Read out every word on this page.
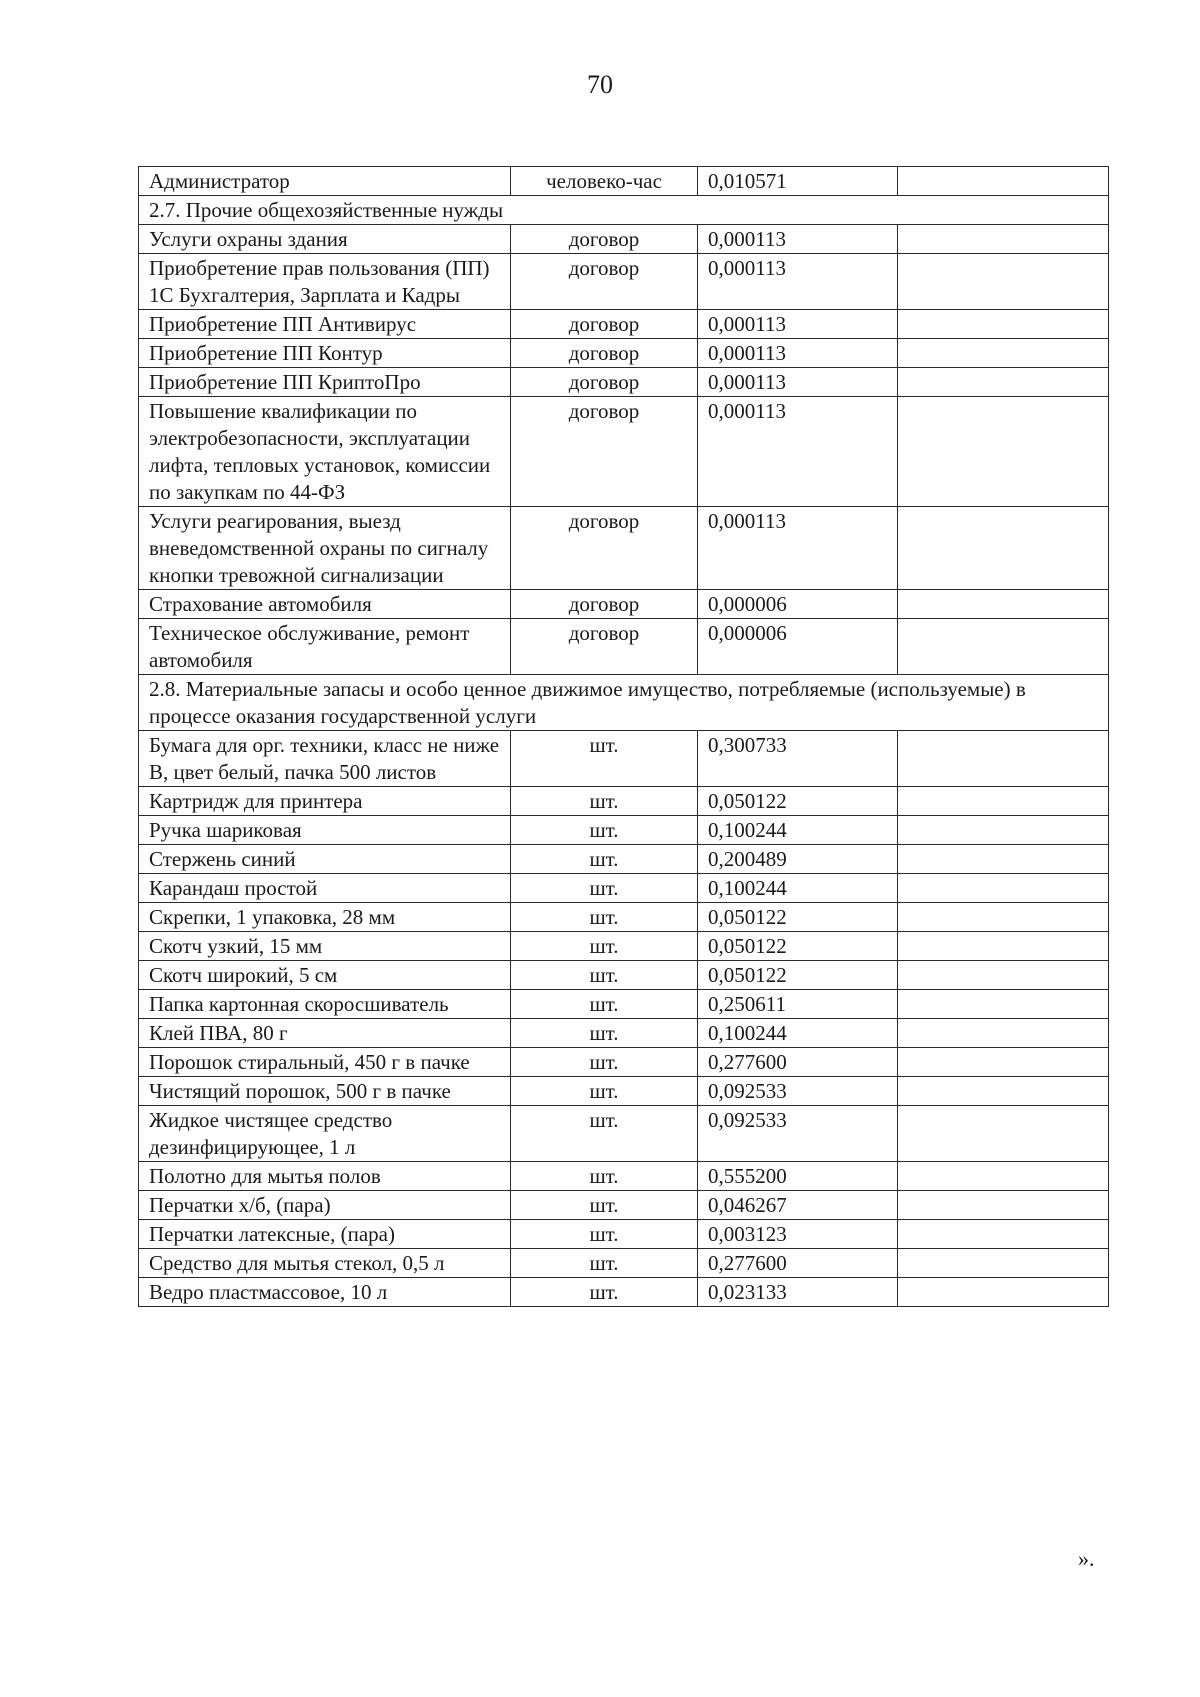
70
Администратор	человеко-час	0,010571	
2.7. Прочие общехозяйственные нужды			
Услуги охраны здания	договор	0,000113	
Приобретение прав пользования (ПП) 1С Бухгалтерия, Зарплата и Кадры	договор	0,000113	
Приобретение ПП Антивирус	договор	0,000113	
Приобретение ПП Контур	договор	0,000113	
Приобретение ПП КриптоПро	договор	0,000113	
Повышение квалификации по электробезопасности, эксплуатации лифта, тепловых установок, комиссии по закупкам по 44-ФЗ	договор	0,000113	
Услуги реагирования, выезд вневедомственной охраны по сигналу кнопки тревожной сигнализации	договор	0,000113	
Страхование автомобиля	договор	0,000006	
Техническое обслуживание, ремонт автомобиля	договор	0,000006	
2.8. Материальные запасы и особо ценное движимое имущество, потребляемые (используемые) в процессе оказания государственной услуги			
Бумага для орг. техники, класс не ниже В, цвет белый, пачка 500 листов	шт.	0,300733	
Картридж для принтера	шт.	0,050122	
Ручка шариковая	шт.	0,100244	
Стержень синий	шт.	0,200489	
Карандаш простой	шт.	0,100244	
Скрепки, 1 упаковка, 28 мм	шт.	0,050122	
Скотч узкий, 15 мм	шт.	0,050122	
Скотч широкий, 5 см	шт.	0,050122	
Папка картонная скоросшиватель	шт.	0,250611	
Клей ПВА, 80 г	шт.	0,100244	
Порошок стиральный, 450 г в пачке	шт.	0,277600	
Чистящий порошок, 500 г в пачке	шт.	0,092533	
Жидкое чистящее средство дезинфицирующее, 1 л	шт.	0,092533	
Полотно для мытья полов	шт.	0,555200	
Перчатки х/б, (пара)	шт.	0,046267	
Перчатки латексные, (пара)	шт.	0,003123	
Средство для мытья стекол, 0,5 л	шт.	0,277600	
Ведро пластмассовое, 10 л	шт.	0,023133	
».
